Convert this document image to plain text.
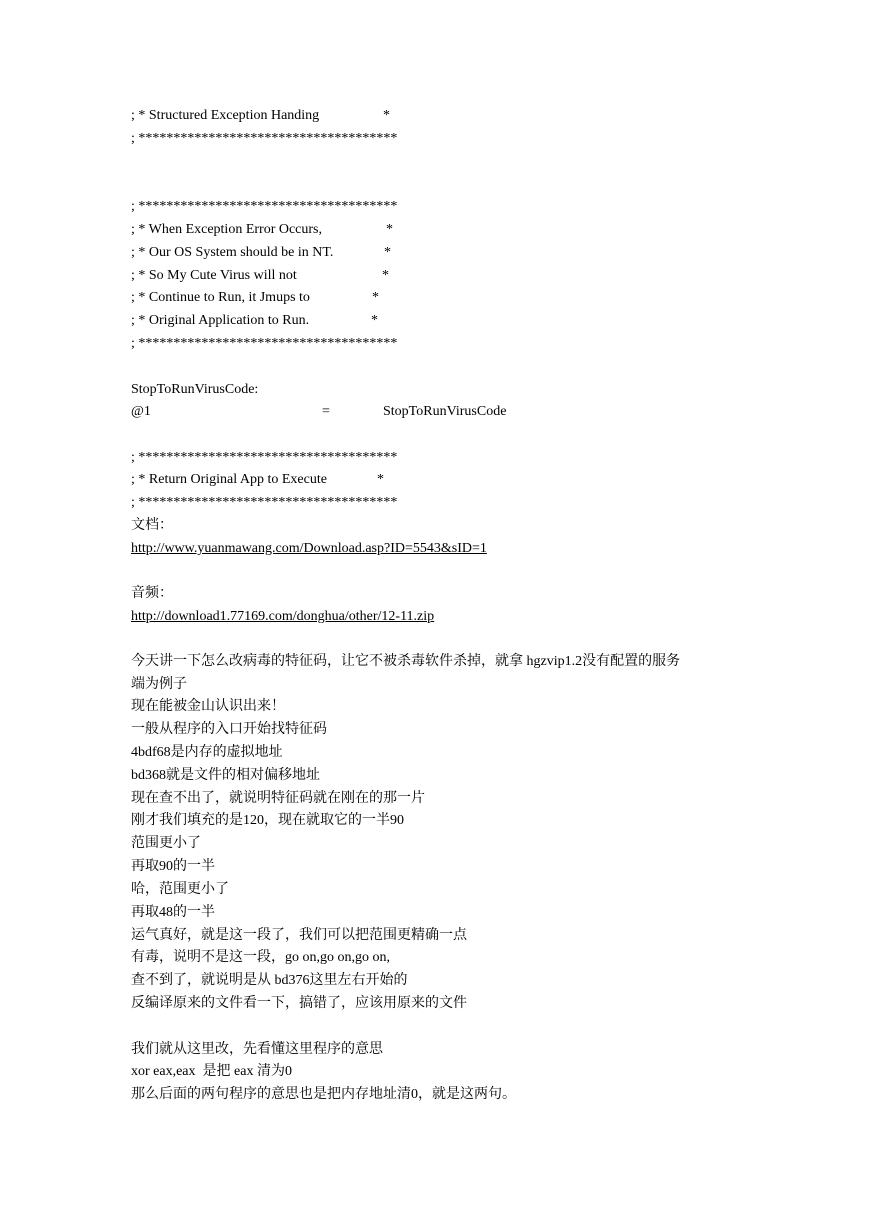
; * Structured Exception Handing	*
; *************************************
; *************************************
; * When Exception Error Occurs,	*
; * Our OS System should be in NT.	*
; * So My Cute Virus will not	*
; * Continue to Run, it Jmups to	*
; * Original Application to Run.	*
; *************************************
StopToRunVirusCode:
@1	=	StopToRunVirusCode
; *************************************
; * Return Original App to Execute	*
; *************************************
文档：
http://www.yuanmawang.com/Download.asp?ID=5543&sID=1
音频：
http://download1.77169.com/donghua/other/12-11.zip
今天讲一下怎么改病毒的特征码，让它不被杀毒软件杀掉，就拿 hgzvip1.2没有配置的服务
端为例子
现在能被金山认识出来！
一般从程序的入口开始找特征码
4bdf68是内存的虚拟地址
bd368就是文件的相对偏移地址
现在查不出了，就说明特征码就在刚在的那一片
刚才我们填充的是120，现在就取它的一半90
范围更小了
再取90的一半
哈，范围更小了
再取48的一半
运气真好，就是这一段了，我们可以把范围更精确一点
有毒，说明不是这一段，go on,go on,go on,
查不到了，就说明是从 bd376这里左右开始的
反编译原来的文件看一下，搞错了，应该用原来的文件
我们就从这里改，先看懂这里程序的意思
xor eax,eax  是把 eax 清为0
那么后面的两句程序的意思也是把内存地址清0，就是这两句。
